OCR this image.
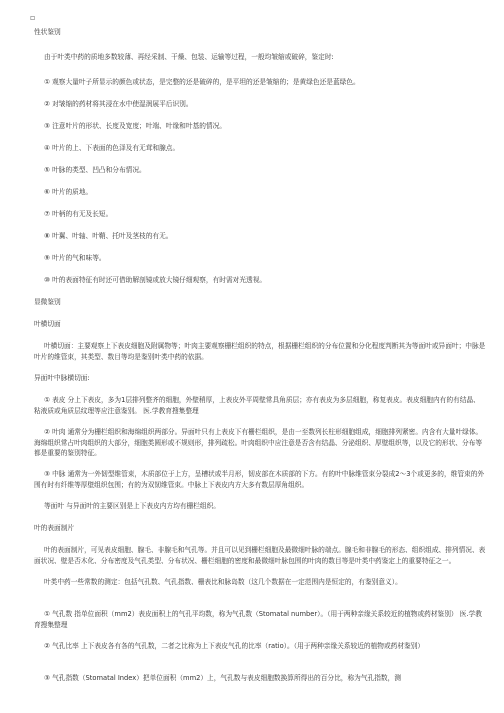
▫

性状鉴别

由于叶类中药的质地多数较薄、再经采制、干燥、包装、运输等过程，一般均皱缩或破碎，鉴定时:

① 观察大量叶子所显示的颜色或状态，是完整的还是破碎的，是平坦的还是皱缩的；是黄绿色还是蓝绿色。

② 对皱缩的药材将其浸在水中使湿润展平后识别。

③ 注意叶片的形状、长度及宽度；叶端、叶缘和叶基的情况。

④ 叶片的上、下表面的色泽及有无茸和腺点。

⑤ 叶脉的类型、凹凸和分布情况。

⑥ 叶片的质地。

⑦ 叶柄的有无及长短。

⑧ 叶翼、叶轴、叶鞘、托叶及茎枝的有无。

⑨ 叶片的气和味等。

⑩ 叶的表面特征有时还可借助解剖镜或放大镜仔细观察，有时需对光透视。

显微鉴别

叶横切面

叶横切面：主要观察上下表皮细胞及附属物等；叶肉主要观察栅栏组织的特点，根据栅栏组织的分布位置和分化程度判断其为等面叶或异面叶；中脉是叶片的维管束，其类型、数目等均是鉴别叶类中药的依据。

异面叶中脉横切面:

① 表皮 分上下表皮，多为1层排列整齐的细胞，外壁稍厚，上表皮外平周壁常具角质层；亦有表皮为多层细胞，称复表皮。表皮细胞内有的有结晶、粘液质或角质层纹理等应注意鉴别。 医.学教育搜集整理

② 叶肉 通常分为栅栏组织和海绵组织两部分。异面叶只有上表皮下有栅栏组织，是由一至数列长柱形细胞组成，细胞排列紧密。内含有大量叶绿体。海绵组织常占叶肉组织的大部分，细胞类圆形或不规则形，排列疏松。叶肉组织中应注意是否含有结晶、分泌组织、厚壁组织等，以及它的形状、分布等都是重要的鉴别特征。

③ 中脉 通常为一外韧型维管束，木质部位于上方，呈槽状或半月形，韧皮部在木质部的下方。有的叶中脉维管束分裂成2～3个或更多的，维管束的外围有时有纤维等厚壁组织包围；有的为双韧维管束。中脉上下表皮内方大多有数层厚角组织。

等面叶 与异面叶的主要区别是上下表皮内方均有栅栏组织。

叶的表面制片

叶的表面制片，可见表皮细胞、腺毛、非腺毛和气孔等。并且可以见到栅栏细胞及最微细叶脉的端点。腺毛和非腺毛的形态、组织组成、排列情况、表面状况、壁是否木化、分布密度及气孔类型、分布状况、栅栏细胞的密度和最微细叶脉包围的叶肉的数目等是叶类中药鉴定上的重要特征之一。

叶类中药一些常数的测定：包括气孔数、气孔指数、栅表比和脉岛数（这几个数据在一定范围内是恒定的，有鉴别意义）。

① 气孔数 指单位面积（mm2）表皮面积上的气孔平均数，称为气孔数（Stomatal number）。（用于两种亲缘关系较近的植物或药材鉴别） 医.学教育搜集整理

② 气孔比率 上下表皮各有各的气孔数，二者之比称为上下表皮气孔的比率（ratio）。（用于两种亲缘关系较近的植物或药材鉴别）

③ 气孔指数（Stomatal Index）把单位面积（mm2）上，气孔数与表皮细胞数换算所得出的百分比，称为气孔指数，测
